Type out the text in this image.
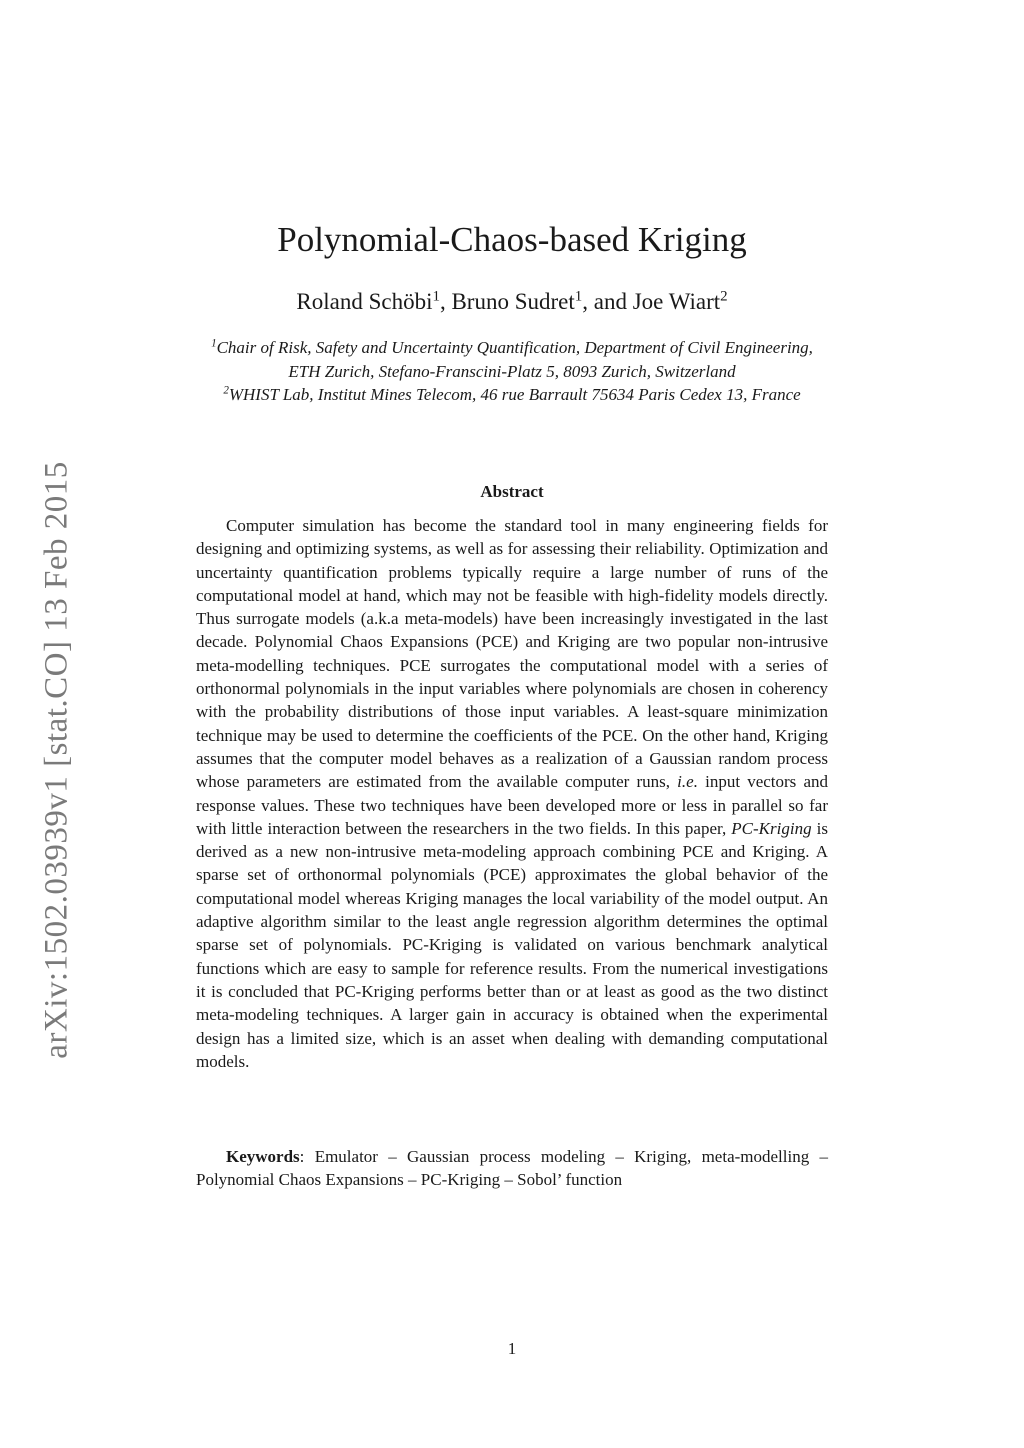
arXiv:1502.03939v1 [stat.CO] 13 Feb 2015
Polynomial-Chaos-based Kriging
Roland Schöbi$^1$, Bruno Sudret$^1$, and Joe Wiart$^2$
$^1$Chair of Risk, Safety and Uncertainty Quantification, Department of Civil Engineering,
ETH Zurich, Stefano-Franscini-Platz 5, 8093 Zurich, Switzerland
$^2$WHIST Lab, Institut Mines Telecom, 46 rue Barrault 75634 Paris Cedex 13, France
Abstract

Computer simulation has become the standard tool in many engineering fields for designing and optimizing systems, as well as for assessing their reliability. Optimization and uncertainty quantification problems typically require a large number of runs of the computational model at hand, which may not be feasible with high-fidelity models directly. Thus surrogate models (a.k.a meta-models) have been increasingly investigated in the last decade. Polynomial Chaos Expansions (PCE) and Kriging are two popular non-intrusive meta-modelling techniques. PCE surrogates the computational model with a series of orthonormal polynomials in the input variables where polynomials are chosen in coherency with the probability distributions of those input variables. A least-square minimization technique may be used to determine the coefficients of the PCE. On the other hand, Kriging assumes that the computer model behaves as a realization of a Gaussian random process whose parameters are estimated from the available computer runs, i.e. input vectors and response values. These two techniques have been developed more or less in parallel so far with little interaction between the researchers in the two fields. In this paper, PC-Kriging is derived as a new non-intrusive meta-modeling approach combining PCE and Kriging. A sparse set of orthonormal polynomials (PCE) approximates the global behavior of the computational model whereas Kriging manages the local variability of the model output. An adaptive algorithm similar to the least angle regression algorithm determines the optimal sparse set of polynomials. PC-Kriging is validated on various benchmark analytical functions which are easy to sample for reference results. From the numerical investigations it is concluded that PC-Kriging performs better than or at least as good as the two distinct meta-modeling techniques. A larger gain in accuracy is obtained when the experimental design has a limited size, which is an asset when dealing with demanding computational models.

Keywords: Emulator – Gaussian process modeling – Kriging, meta-modelling – Polynomial Chaos Expansions – PC-Kriging – Sobol’ function
1
